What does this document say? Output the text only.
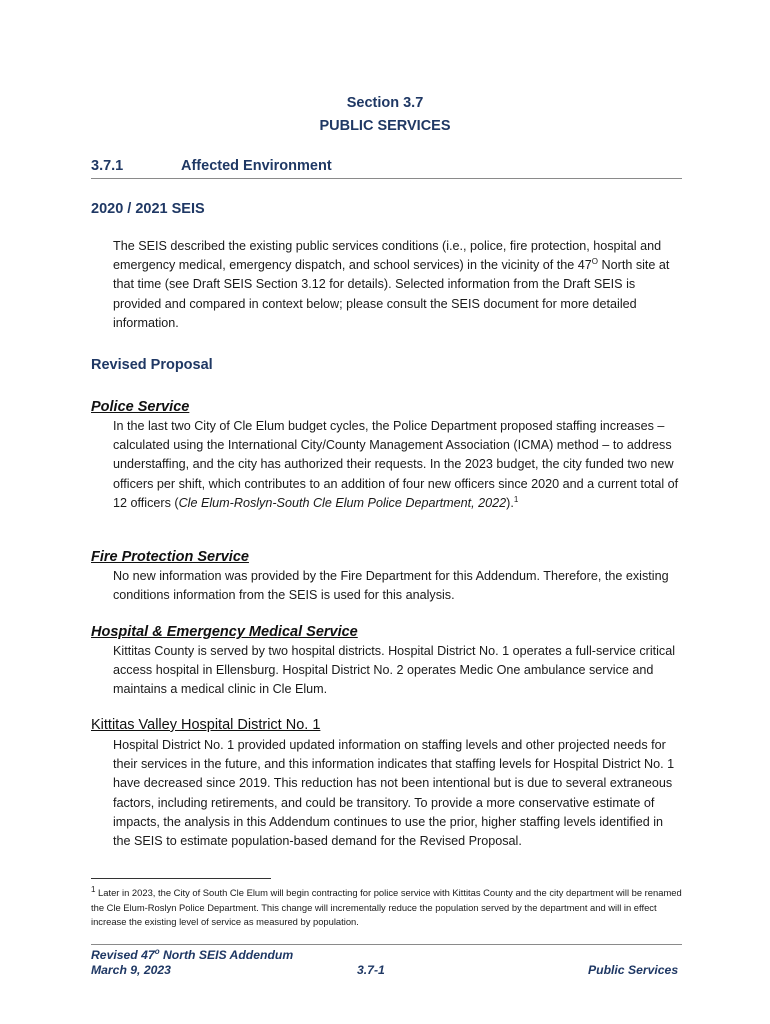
Section 3.7
PUBLIC SERVICES
3.7.1	Affected Environment
2020 / 2021 SEIS

The SEIS described the existing public services conditions (i.e., police, fire protection, hospital and emergency medical, emergency dispatch, and school services) in the vicinity of the $47^O$ North site at that time (see Draft SEIS Section 3.12 for details). Selected information from the Draft SEIS is provided and compared in context below; please consult the SEIS document for more detailed information.

Revised Proposal
Police Service

In the last two City of Cle Elum budget cycles, the Police Department proposed staffing increases – calculated using the International City/County Management Association (ICMA) method – to address understaffing, and the city has authorized their requests. In the 2023 budget, the city funded two new officers per shift, which contributes to an addition of four new officers since 2020 and a current total of 12 officers (Cle Elum-Roslyn-South Cle Elum Police Department, 2022).$^1$

Fire Protection Service

No new information was provided by the Fire Department for this Addendum. Therefore, the existing conditions information from the SEIS is used for this analysis.

Hospital & Emergency Medical Service

Kittitas County is served by two hospital districts. Hospital District No. 1 operates a full-service critical access hospital in Ellensburg. Hospital District No. 2 operates Medic One ambulance service and maintains a medical clinic in Cle Elum.

Kittitas Valley Hospital District No. 1

Hospital District No. 1 provided updated information on staffing levels and other projected needs for their services in the future, and this information indicates that staffing levels for Hospital District No. 1 have decreased since 2019. This reduction has not been intentional but is due to several extraneous factors, including retirements, and could be transitory. To provide a more conservative estimate of impacts, the analysis in this Addendum continues to use the prior, higher staffing levels identified in the SEIS to estimate population-based demand for the Revised Proposal.

$^1$ Later in 2023, the City of South Cle Elum will begin contracting for police service with Kittitas County and the city department will be renamed the Cle Elum-Roslyn Police Department. This change will incrementally reduce the population served by the department and will in effect increase the existing level of service as measured by population.

Revised 47$^o$ North SEIS Addendum
March 9, 2023	3.7-1	Public Services
